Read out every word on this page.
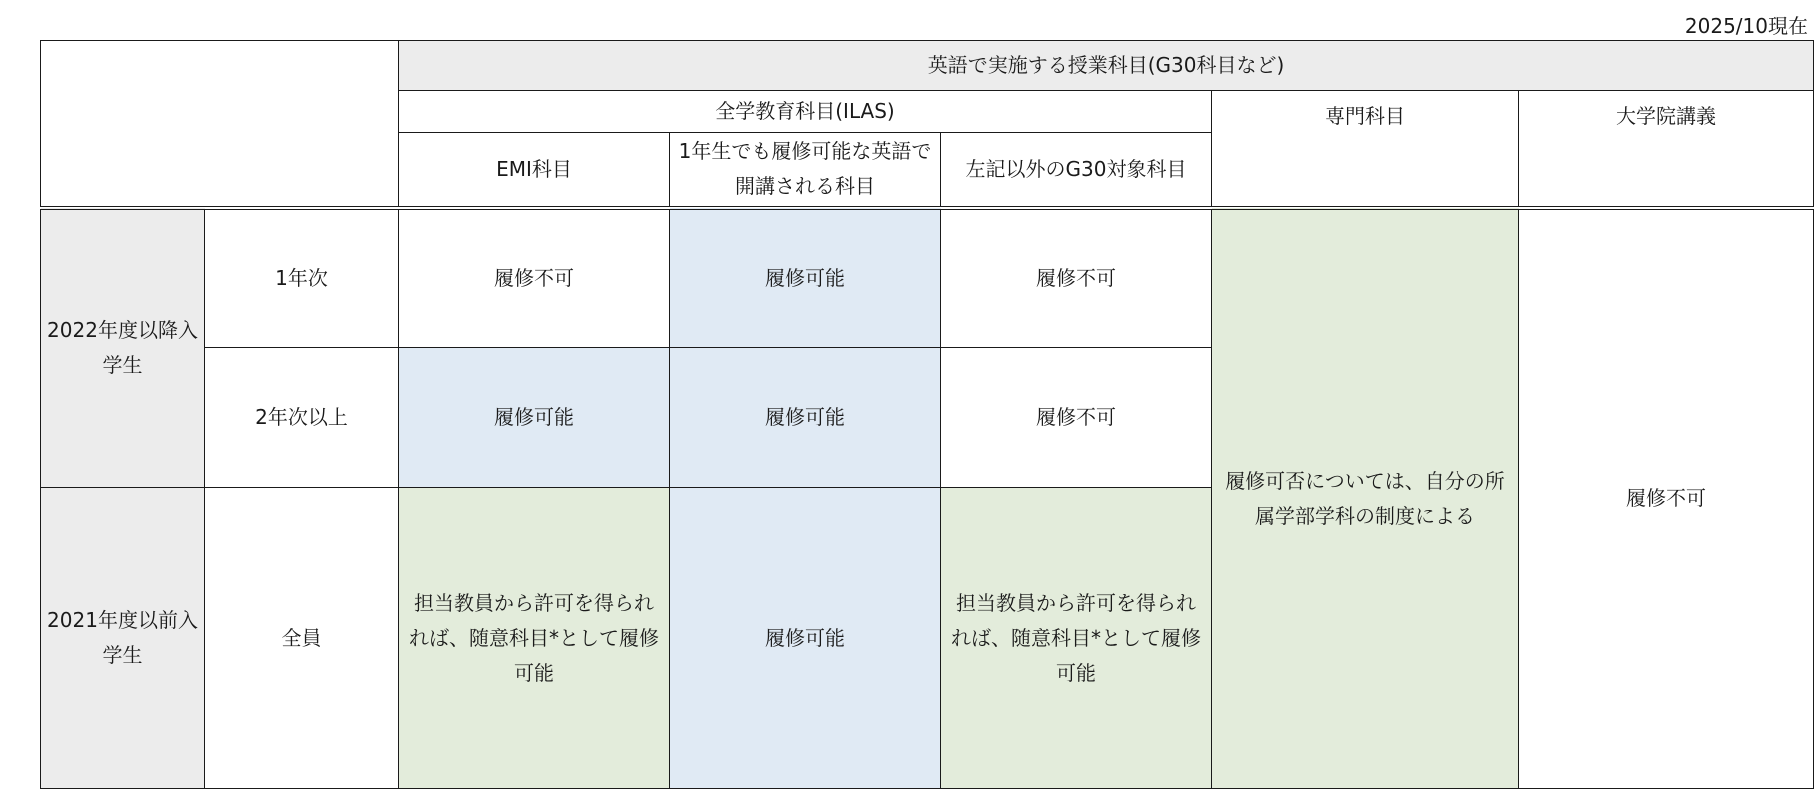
2025/10現在
		英語で実施する授業科目(G30科目など)				
		全学教育科目(ILAS)			専門科目	大学院講義
		EMI科目	1年生でも履修可能な英語で開講される科目	左記以外のG30対象科目		
2022年度以降入学生	1年次	履修不可	履修可能	履修不可	履修可否については、自分の所属学部学科の制度による	履修不可
	2年次以上	履修可能	履修可能	履修不可		
2021年度以前入学生	全員	担当教員から許可を得られれば、随意科目*として履修可能	履修可能	担当教員から許可を得られれば、随意科目*として履修可能		
